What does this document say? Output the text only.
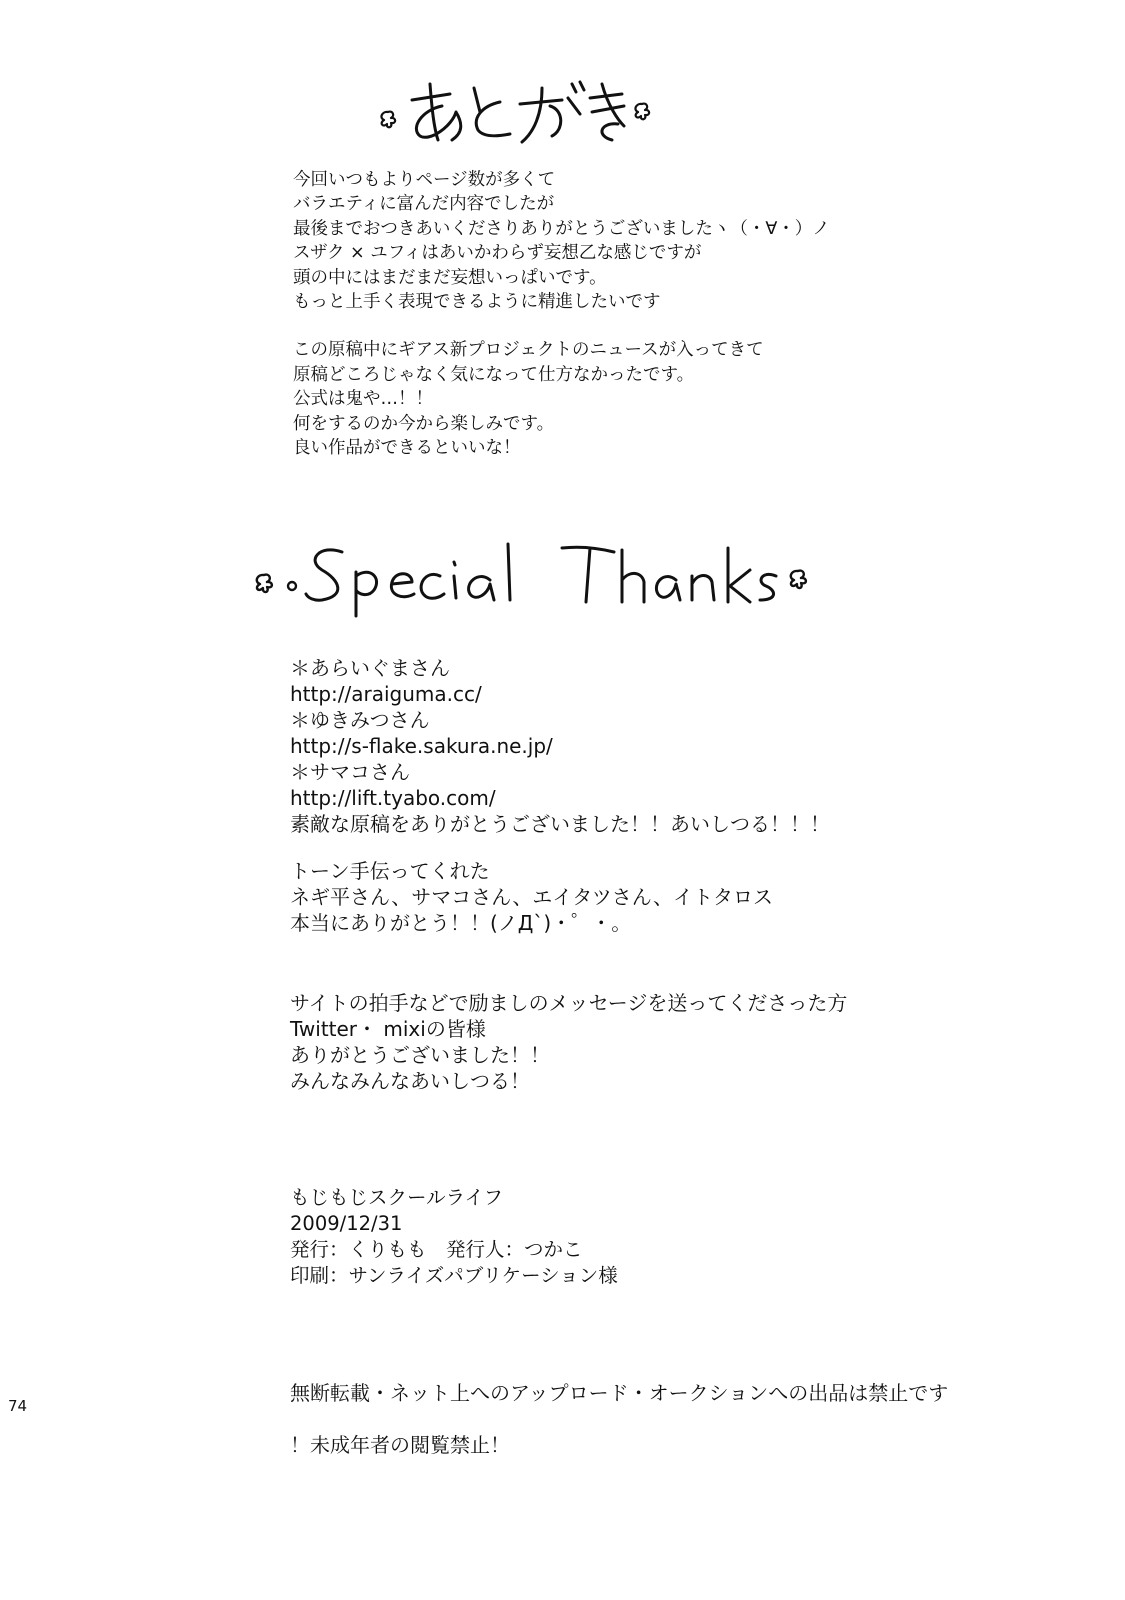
今回いつもよりページ数が多くて
バラエティに富んだ内容でしたが
最後までおつきあいくださりありがとうございましたヽ（・∀・）ノ
スザク × ユフィはあいかわらず妄想乙な感じですが
頭の中にはまだまだ妄想いっぱいです。
もっと上手く表現できるように精進したいです
この原稿中にギアス新プロジェクトのニュースが入ってきて
原稿どころじゃなく気になって仕方なかったです。
公式は鬼や…！！
何をするのか今から楽しみです。
良い作品ができるといいな！
＊あらいぐまさん
http://araiguma.cc/
＊ゆきみつさん
http://s-flake.sakura.ne.jp/
＊サマコさん
http://lift.tyabo.com/
素敵な原稿をありがとうございました！！あいしつる！！！
トーン手伝ってくれた
ネギ平さん、サマコさん、エイタツさん、イトタロス
本当にありがとう！！(ノД`)・゜・。
サイトの拍手などで励ましのメッセージを送ってくださった方
Twitter・ mixiの皆様
ありがとうございました！！
みんなみんなあいしつる！
もじもじスクールライフ
2009/12/31
発行：くりもも　発行人：つかこ
印刷：サンライズパブリケーション様
無断転載・ネット上へのアップロード・オークションへの出品は禁止です
！未成年者の閲覧禁止！
74
